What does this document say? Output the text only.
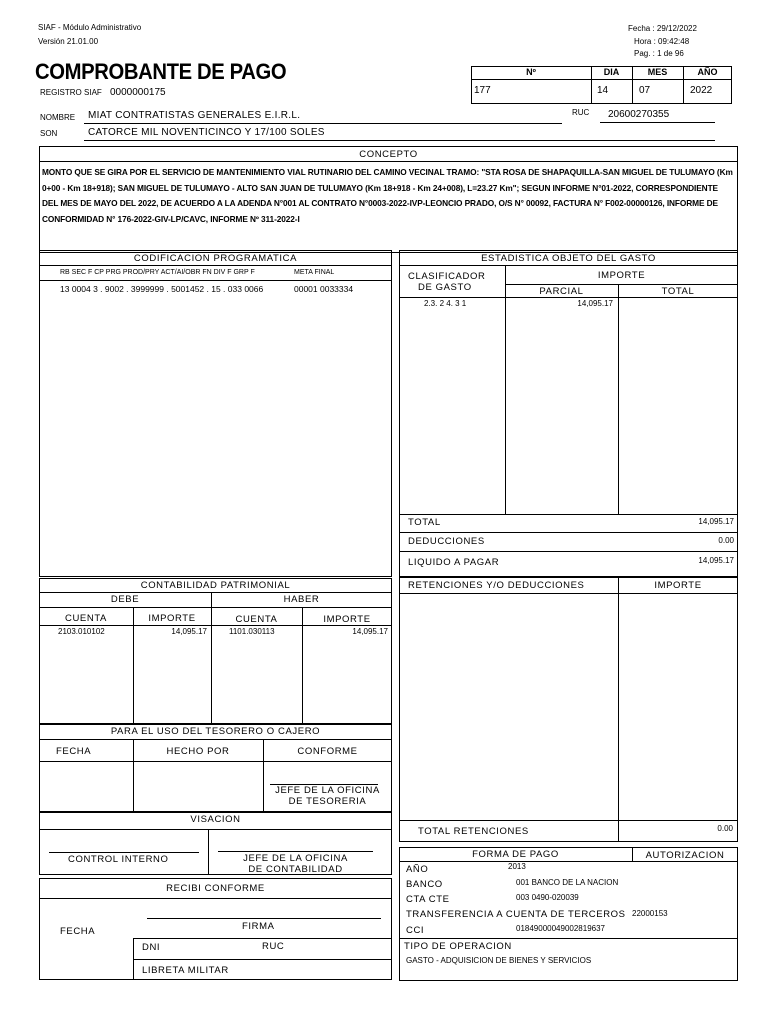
SIAF - Módulo Administrativo
Versión 21.01.00
Fecha : 29/12/2022
Hora : 09:42:48
Pag. : 1 de 96
COMPROBANTE DE PAGO
REGISTRO SIAF 0000000175
Nº	DIA	MES	AÑO
177	14	07	2022
NOMBRE MIAT CONTRATISTAS GENERALES E.I.R.L.	RUC 20600270355
SON	CATORCE MIL NOVENTICINCO Y 17/100 SOLES
CONCEPTO
MONTO QUE SE GIRA POR EL SERVICIO DE MANTENIMIENTO VIAL RUTINARIO DEL CAMINO VECINAL TRAMO: "STA ROSA DE SHAPAQUILLA-SAN MIGUEL DE TULUMAYO (Km 0+00 - Km 18+918); SAN MIGUEL DE TULUMAYO - ALTO SAN JUAN DE TULUMAYO (Km 18+918 - Km 24+008), L=23.27 Km"; SEGUN INFORME N°01-2022, CORRESPONDIENTE DEL MES DE MAYO DEL 2022, DE ACUERDO A LA ADENDA N°001 AL CONTRATO N°0003-2022-IVP-LEONCIO PRADO, O/S N° 00092, FACTURA N° F002-00000126, INFORME DE CONFORMIDAD N° 176-2022-GIV-LP/CAVC, INFORME Nº 311-2022-I
CODIFICACION PROGRAMATICA
RB SEC F CP PRG PROD/PRY ACT/AI/OBR FN DIV F GRP F	META FINAL
13 0004 3 . 9002 . 3999999 . 5001452 . 15 . 033 0066	00001 0033334
ESTADISTICA OBJETO DEL GASTO
CLASIFICADOR
DE GASTO
IMPORTE
PARCIAL	TOTAL
2.3. 2 4. 3 1	14,095.17
TOTAL	14,095.17
DEDUCCIONES	0.00
LIQUIDO A PAGAR	14,095.17
CONTABILIDAD PATRIMONIAL
DEBE	HABER
CUENTA	IMPORTE	CUENTA	IMPORTE
2103.010102	14,095.17	1101.030113	14,095.17
PARA EL USO DEL TESORERO O CAJERO
FECHA	HECHO POR	CONFORME
JEFE DE LA OFICINA
DE TESORERIA
VISACION
CONTROL INTERNO	JEFE DE LA OFICINA
DE CONTABILIDAD
RECIBI CONFORME
FIRMA
FECHA
DNI	RUC
LIBRETA MILITAR
RETENCIONES Y/O DEDUCCIONES	IMPORTE
TOTAL RETENCIONES	0.00
FORMA DE PAGO	AUTORIZACION
AÑO	2013
BANCO	001 BANCO DE LA NACION
CTA CTE	003 0490-020039
TRANSFERENCIA A CUENTA DE TERCEROS 22000153
CCI	01849000049002819637
TIPO DE OPERACION
GASTO - ADQUISICION DE BIENES Y SERVICIOS
